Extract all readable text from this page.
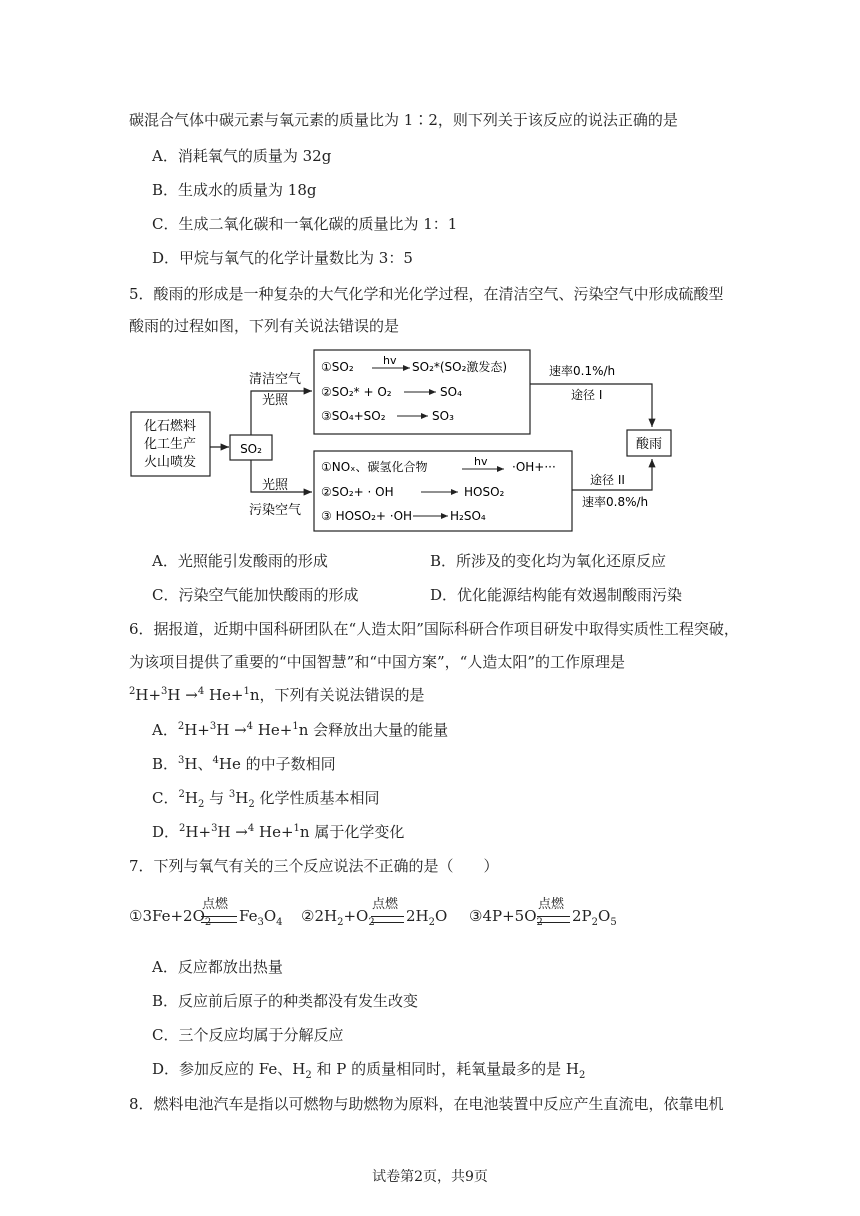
碳混合气体中碳元素与氧元素的质量比为 1∶2，则下列关于该反应的说法正确的是
A．消耗氧气的质量为 32g
B．生成水的质量为 18g
C．生成二氧化碳和一氧化碳的质量比为 1：1
D．甲烷与氧气的化学计量数比为 3：5
5．酸雨的形成是一种复杂的大气化学和光化学过程，在清洁空气、污染空气中形成硫酸型
酸雨的过程如图，下列有关说法错误的是
化石燃料
化工生产
火山喷发
SO₂
清洁空气
光照
光照
污染空气
①SO₂	hv SO₂*(SO₂激发态)
②SO₂* + O₂	SO₄
③SO₄+SO₂	SO₃
①NOₓ、碳氢化合物	hv ·OH+···
②SO₂+ · OH	HOSO₂
③ HOSO₂+ ·OH	H₂SO₄
速率0.1%/h
途径 I
酸雨
途径 II
速率0.8%/h
A．光照能引发酸雨的形成	B．所涉及的变化均为氧化还原反应
C．污染空气能加快酸雨的形成	D．优化能源结构能有效遏制酸雨污染
6．据报道，近期中国科研团队在“人造太阳”国际科研合作项目研发中取得实质性工程突破，
为该项目提供了重要的“中国智慧”和“中国方案”，“人造太阳”的工作原理是
$^2$H+$^3$H →$^4$ He+$^1$n，下列有关说法错误的是
A．$^2$H+$^3$H →$^4$ He+$^1$n 会释放出大量的能量
B．$^3$H、$^4$He 的中子数相同
C．$^2H_2$ 与 $^3H_2$ 化学性质基本相同
D．$^2$H+$^3$H →$^4$ He+$^1$n 属于化学变化
7．下列与氧气有关的三个反应说法不正确的是（　　）
$①3Fe+2O_2$
点燃
$Fe_3O_4$ $②2H_2+O_2$
点燃
$2H_2O$ $③4P+5O_2$
点燃
$2P_2O_5$
A．反应都放出热量
B．反应前后原子的种类都没有发生改变
C．三个反应均属于分解反应
D．参加反应的 Fe、$H_2$ 和 P 的质量相同时，耗氧量最多的是 $H_2$
8．燃料电池汽车是指以可燃物与助燃物为原料，在电池装置中反应产生直流电，依靠电机
试卷第2页，共9页
